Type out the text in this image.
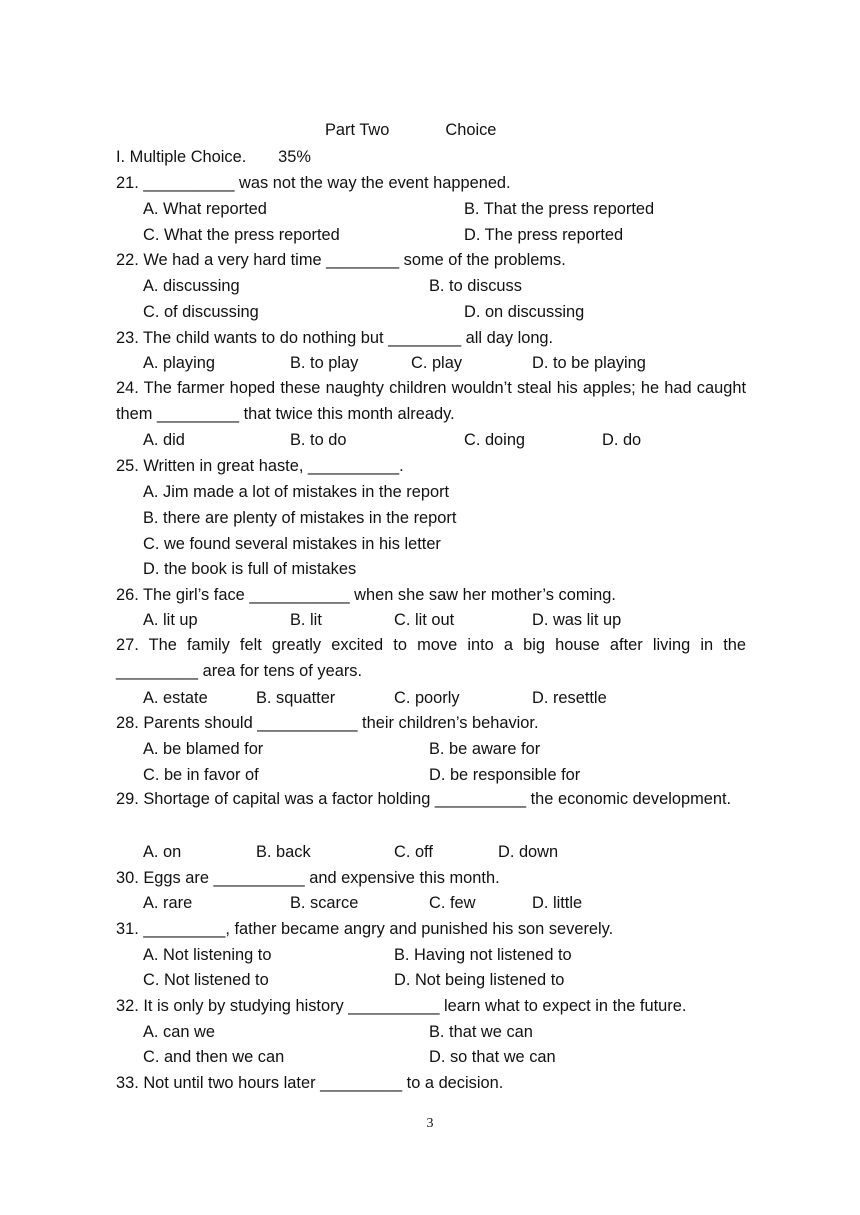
Part Two	Choice
I. Multiple Choice.       35%
21. __________ was not the way the event happened.
A. What reported	B. That the press reported
C. What the press reported	D. The press reported
22. We had a very hard time ________ some of the problems.
A. discussing	B. to discuss
C. of discussing	D. on discussing
23. The child wants to do nothing but ________ all day long.
A. playing	B. to play	C. play	D. to be playing
24. The farmer hoped these naughty children wouldn’t steal his apples; he had caught them _________ that twice this month already.
A. did	B. to do	C. doing	D. do
25. Written in great haste, __________.
A. Jim made a lot of mistakes in the report
B. there are plenty of mistakes in the report
C. we found several mistakes in his letter
D. the book is full of mistakes
26. The girl’s face ___________ when she saw her mother’s coming.
A. lit up	B. lit	C. lit out	D. was lit up
27. The family felt greatly excited to move into a big house after living in the _________ area for tens of years.
A. estate	B. squatter	C. poorly	D. resettle
28. Parents should ___________ their children’s behavior.
A. be blamed for	B. be aware for
C. be in favor of	D. be responsible for
29. Shortage of capital was a factor holding __________ the economic development.
A. on	B. back	C. off	D. down
30. Eggs are __________ and expensive this month.
A. rare	B. scarce	C. few	D. little
31. _________, father became angry and punished his son severely.
A. Not listening to	B. Having not listened to
C. Not listened to	D. Not being listened to
32. It is only by studying history __________ learn what to expect in the future.
A. can we	B. that we can
C. and then we can	D. so that we can
33. Not until two hours later _________ to a decision.
3
